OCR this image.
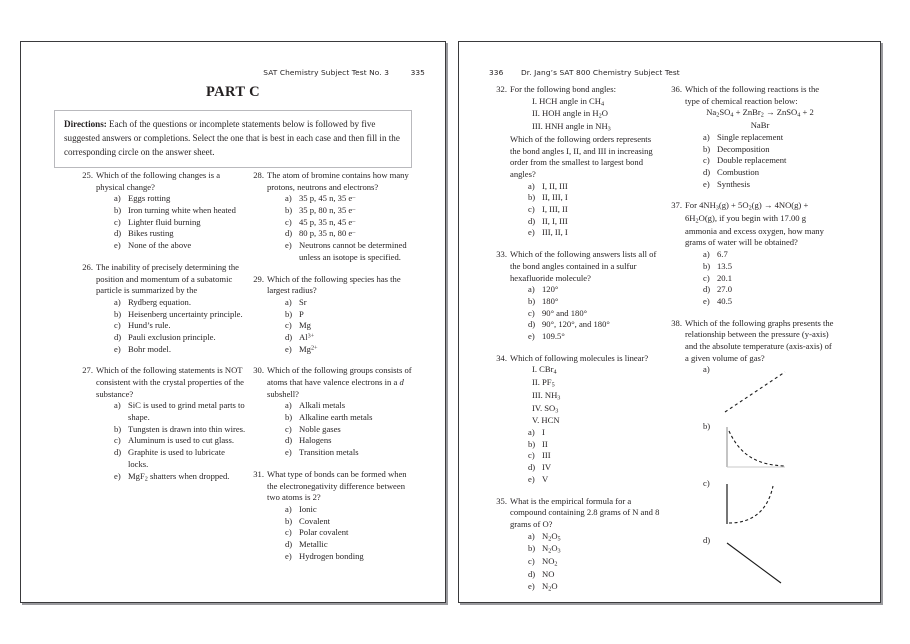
SAT Chemistry Subject Test No. 3	335
PART C
Directions: Each of the questions or incomplete statements below is followed by five suggested answers or completions. Select the one that is best in each case and then fill in the corresponding circle on the answer sheet.
25. Which of the following changes is a physical change?
a) Eggs rotting
b) Iron turning white when heated
c) Lighter fluid burning
d) Bikes rusting
e) None of the above
26. The inability of precisely determining the position and momentum of a subatomic particle is summarized by the
a) Rydberg equation.
b) Heisenberg uncertainty principle.
c) Hund’s rule.
d) Pauli exclusion principle.
e) Bohr model.
27. Which of the following statements is NOT consistent with the crystal properties of the substance?
a) SiC is used to grind metal parts to shape.
b) Tungsten is drawn into thin wires.
c) Aluminum is used to cut glass.
d) Graphite is used to lubricate locks.
e) MgF$_2$ shatters when dropped.
28. The atom of bromine contains how many protons, neutrons and electrons?
a) 35 p, 45 n, 35 e–
b) 35 p, 80 n, 35 e–
c) 45 p, 35 n, 45 e–
d) 80 p, 35 n, 80 e–
e) Neutrons cannot be determined unless an isotope is specified.
29. Which of the following species has the largest radius?
a) Sr
b) P
c) Mg
d) $Al^{3+}$
e) $Mg^{2+}$
30. Which of the following groups consists of atoms that have valence electrons in a d subshell?
a) Alkali metals
b) Alkaline earth metals
c) Noble gases
d) Halogens
e) Transition metals
31. What type of bonds can be formed when the electronegativity difference between two atoms is 2?
a) Ionic
b) Covalent
c) Polar covalent
d) Metallic
e) Hydrogen bonding
336 Dr. Jang’s SAT 800 Chemistry Subject Test
32. For the following bond angles:
I. HCH angle in $CH_4$
II. HOH angle in $H_2O$
III. HNH angle in $NH_3$
Which of the following orders represents the bond angles I, II, and III in increasing order from the smallest to largest bond angles?
a) I, II, III
b) II, III, I
c) I, III, II
d) II, I, III
e) III, II, I
33. Which of the following answers lists all of the bond angles contained in a sulfur hexafluoride molecule?
a) 120°
b) 180°
c) 90° and 180°
d) 90°, 120°, and 180°
e) 109.5°
34. Which of following molecules is linear?
I. CBr$_4$
II. $PF_5$
III. $NH_3$
IV. $SO_3$
V. HCN
a) I
b) II
c) III
d) IV
e) V
35. What is the empirical formula for a compound containing 2.8 grams of N and 8 grams of O?
a) $N_2O_5$
b) $N_2O_3$
c) $NO_2$
d) NO
e) $N_2O$
36. Which of the following reactions is the type of chemical reaction below:
$Na_2SO_4$ + ZnBr$_2$ → ZnSO$_4$ + 2
NaBr
a) Single replacement
b) Decomposition
c) Double replacement
d) Combustion
e) Synthesis
37. For $4NH_3(g) + 5O_2(g) \to 4NO(g) + 6H_2O(g)$, if you begin with 17.00 g ammonia and excess oxygen, how many grams of water will be obtained?
a) 6.7
b) 13.5
c) 20.1
d) 27.0
e) 40.5
38. Which of the following graphs presents the relationship between the pressure (y-axis) and the absolute temperature (axis-axis) of a given volume of gas?
a)
b)
c)
d)
